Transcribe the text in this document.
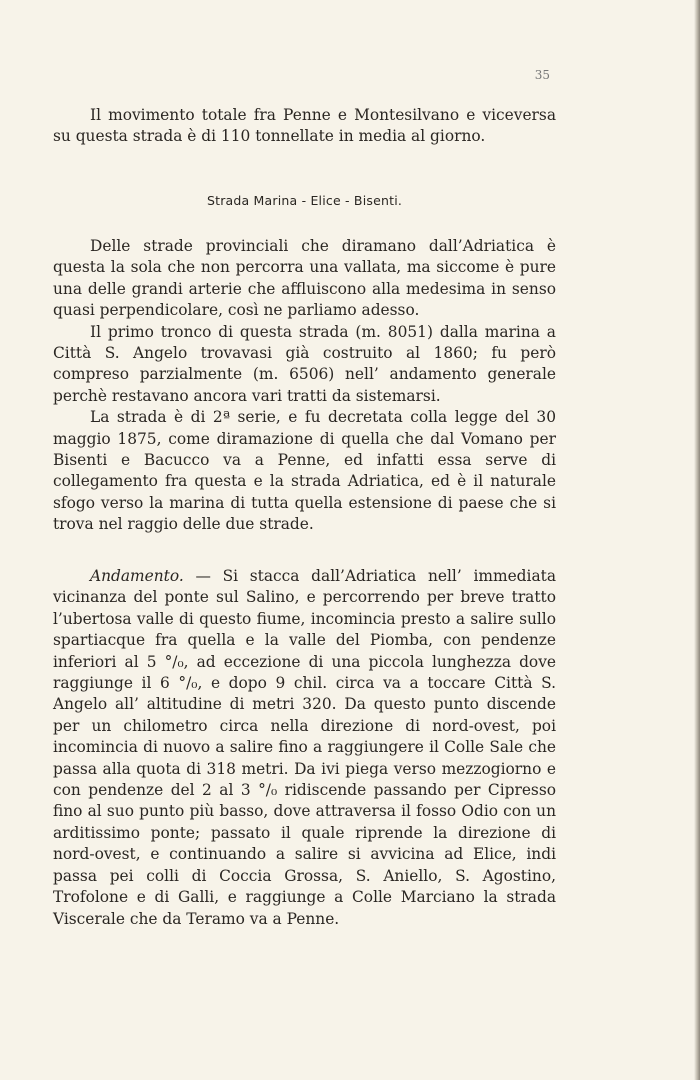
35

Il movimento totale fra Penne e Montesilvano e viceversa su questa strada è di 110 tonnellate in media al giorno.

Strada Marina - Elice - Bisenti.

Delle strade provinciali che diramano dall’Adriatica è questa la sola che non percorra una vallata, ma siccome è pure una delle grandi arterie che affluiscono alla medesima in senso quasi perpendicolare, così ne parliamo adesso.

Il primo tronco di questa strada (m. 8051) dalla marina a Città S. Angelo trovavasi già costruito al 1860; fu però compreso parzialmente (m. 6506) nell’ andamento generale perchè restavano ancora vari tratti da sistemarsi.

La strada è di 2ª serie, e fu decretata colla legge del 30 maggio 1875, come diramazione di quella che dal Vomano per Bisenti e Bacucco va a Penne, ed infatti essa serve di collegamento fra questa e la strada Adriatica, ed è il naturale sfogo verso la marina di tutta quella estensione di paese che si trova nel raggio delle due strade.

Andamento. — Si stacca dall’Adriatica nell’ immediata vicinanza del ponte sul Salino, e percorrendo per breve tratto l’ubertosa valle di questo fiume, incomincia presto a salire sullo spartiacque fra quella e la valle del Piomba, con pendenze inferiori al 5 °/₀, ad eccezione di una piccola lunghezza dove raggiunge il 6 °/₀, e dopo 9 chil. circa va a toccare Città S. Angelo all’ altitudine di metri 320. Da questo punto discende per un chilometro circa nella direzione di nord-ovest, poi incomincia di nuovo a salire fino a raggiungere il Colle Sale che passa alla quota di 318 metri. Da ivi piega verso mezzogiorno e con pendenze del 2 al 3 °/₀ ridiscende passando per Cipresso fino al suo punto più basso, dove attraversa il fosso Odio con un arditissimo ponte; passato il quale riprende la direzione di nord-ovest, e continuando a salire si avvicina ad Elice, indi passa pei colli di Coccia Grossa, S. Aniello, S. Agostino, Trofolone e di Galli, e raggiunge a Colle Marciano la strada Viscerale che da Teramo va a Penne.
